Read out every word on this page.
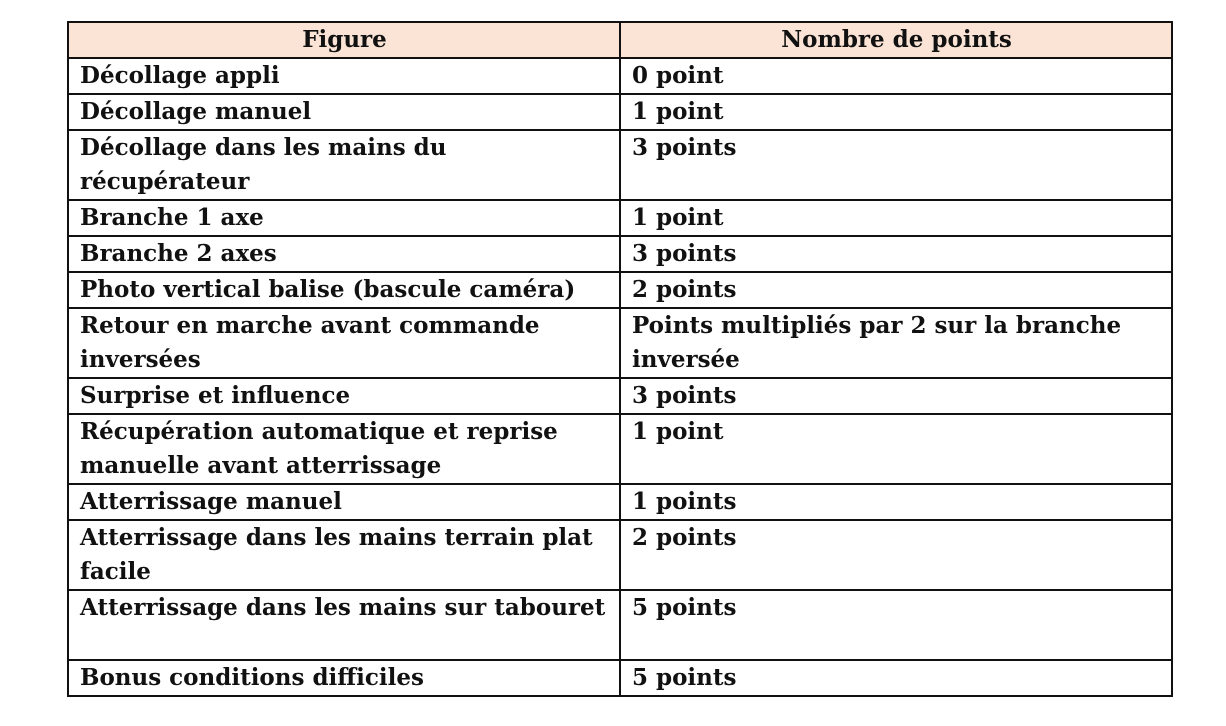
Figure	Nombre de points
Décollage appli	0 point
Décollage manuel	1 point
Décollage dans les mains du récupérateur	3 points
Branche 1 axe	1 point
Branche 2 axes	3 points
Photo vertical balise (bascule caméra)	2 points
Retour en marche avant commande inversées	Points multipliés par 2 sur la branche inversée
Surprise et influence	3 points
Récupération automatique et reprise manuelle avant atterrissage	1 point
Atterrissage manuel	1 points
Atterrissage dans les mains terrain plat facile	2 points
Atterrissage dans les mains sur tabouret	5 points
Bonus conditions difficiles	5 points
